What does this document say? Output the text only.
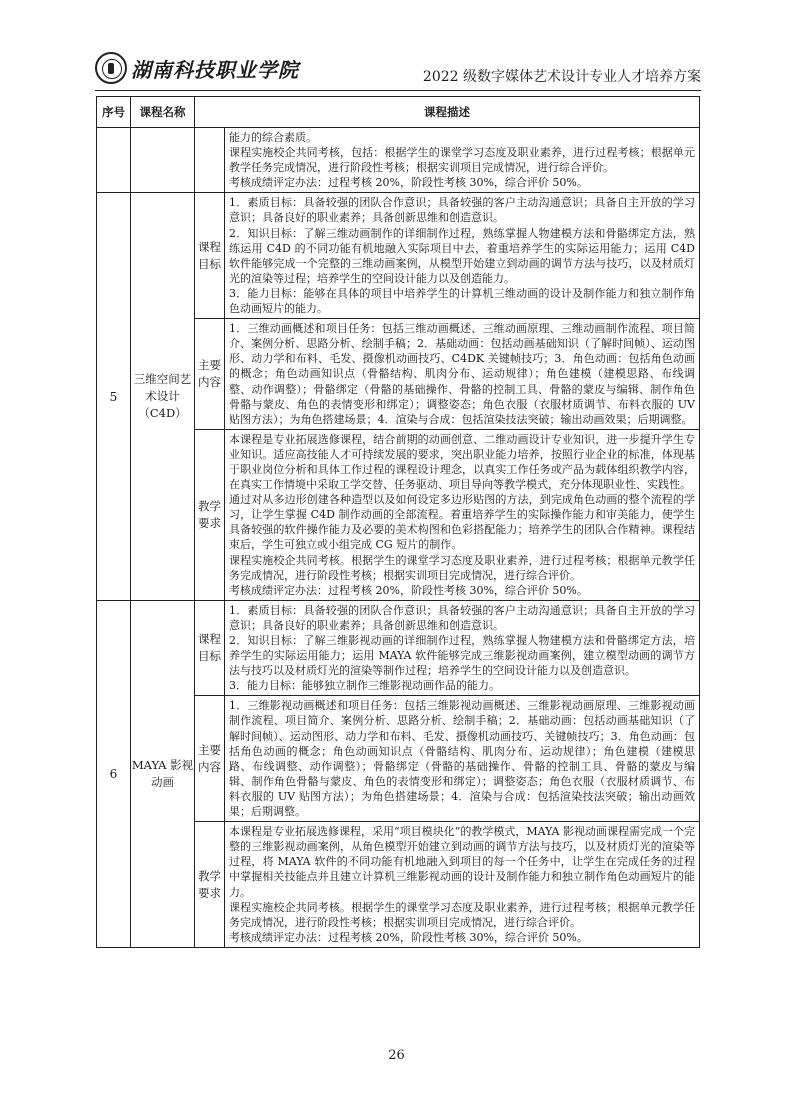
湖南科技职业学院	2022 级数字媒体艺术设计专业人才培养方案
序号	课程名称	课程描述	

			能力的综合素质。

课程实施校企共同考核，包括：根据学生的课堂学习态度及职业素养，进行过程考核；根据单元教学任务完成情况，进行阶段性考核；根据实训项目完成情况，进行综合评价。

考核成绩评定办法：过程考核 20%，阶段性考核 30%，综合评价 50%。

5	三维空间艺术设计（C4D）	课程目标	1．素质目标：具备较强的团队合作意识；具备较强的客户主动沟通意识；具备自主开放的学习意识；具备良好的职业素养；具备创新思维和创造意识。

2．知识目标：了解三维动画制作的详细制作过程，熟练掌握人物建模方法和骨骼绑定方法，熟练运用 C4D 的不同功能有机地融入实际项目中去，着重培养学生的实际运用能力；运用 C4D 软件能够完成一个完整的三维动画案例，从模型开始建立到动画的调节方法与技巧，以及材质灯光的渲染等过程；培养学生的空间设计能力以及创造能力。

3．能力目标：能够在具体的项目中培养学生的计算机三维动画的设计及制作能力和独立制作角色动画短片的能力。

		主要内容	1．三维动画概述和项目任务：包括三维动画概述、三维动画原理、三维动画制作流程、项目简介、案例分析、思路分析、绘制手稿；2．基础动画：包括动画基础知识（了解时间帧）、运动图形、动力学和布料、毛发、摄像机动画技巧、C4DK 关键帧技巧；3．角色动画：包括角色动画的概念；角色动画知识点（骨骼结构、肌肉分布、运动规律）；角色建模（建模思路、布线调整、动作调整）；骨骼绑定（骨骼的基础操作、骨骼的控制工具、骨骼的蒙皮与编辑、制作角色骨骼与蒙皮、角色的表情变形和绑定）；调整姿态；角色衣服（衣服材质调节、布料衣服的 UV 贴图方法）；为角色搭建场景；4．渲染与合成：包括渲染技法突破；输出动画效果；后期调整。

		教学要求	本课程是专业拓展选修课程，结合前期的动画创意、二维动画设计专业知识，进一步提升学生专业知识。适应高技能人才可持续发展的要求，突出职业能力培养，按照行业企业的标准，体现基于职业岗位分析和具体工作过程的课程设计理念，以真实工作任务或产品为载体组织教学内容，在真实工作情境中采取工学交替、任务驱动、项目导向等教学模式，充分体现职业性、实践性。

通过对从多边形创建各种造型以及如何设定多边形贴图的方法，到完成角色动画的整个流程的学习，让学生掌握 C4D 制作动画的全部流程。着重培养学生的实际操作能力和审美能力，使学生具备较强的软件操作能力及必要的美术构图和色彩搭配能力；培养学生的团队合作精神。课程结束后，学生可独立或小组完成 CG 短片的制作。

课程实施校企共同考核。根据学生的课堂学习态度及职业素养，进行过程考核；根据单元教学任务完成情况，进行阶段性考核；根据实训项目完成情况，进行综合评价。

考核成绩评定办法：过程考核 20%，阶段性考核 30%，综合评价 50%。

6	MAYA 影视动画	课程目标	1．素质目标：具备较强的团队合作意识；具备较强的客户主动沟通意识；具备自主开放的学习意识；具备良好的职业素养；具备创新思维和创造意识。

2．知识目标：了解三维影视动画的详细制作过程，熟练掌握人物建模方法和骨骼绑定方法，培养学生的实际运用能力；运用 MAYA 软件能够完成三维影视动画案例，建立模型动画的调节方法与技巧以及材质灯光的渲染等制作过程；培养学生的空间设计能力以及创造意识。

3．能力目标：能够独立制作三维影视动画作品的能力。

		主要内容	1．三维影视动画概述和项目任务：包括三维影视动画概述、三维影视动画原理、三维影视动画制作流程、项目简介、案例分析、思路分析、绘制手稿；2．基础动画：包括动画基础知识（了解时间帧）、运动图形、动力学和布料、毛发、摄像机动画技巧、关键帧技巧；3．角色动画：包括角色动画的概念；角色动画知识点（骨骼结构、肌肉分布、运动规律）；角色建模（建模思路、布线调整、动作调整）；骨骼绑定（骨骼的基础操作、骨骼的控制工具、骨骼的蒙皮与编辑、制作角色骨骼与蒙皮、角色的表情变形和绑定）；调整姿态；角色衣服（衣服材质调节、布料衣服的 UV 贴图方法）；为角色搭建场景；4．渲染与合成：包括渲染技法突破；输出动画效果；后期调整。

		教学要求	本课程是专业拓展选修课程，采用“项目模块化”的教学模式，MAYA 影视动画课程需完成一个完整的三维影视动画案例，从角色模型开始建立到动画的调节方法与技巧，以及材质灯光的渲染等过程，将 MAYA 软件的不同功能有机地融入到项目的每一个任务中，让学生在完成任务的过程中掌握相关技能点并且建立计算机三维影视动画的设计及制作能力和独立制作角色动画短片的能力。

课程实施校企共同考核。根据学生的课堂学习态度及职业素养，进行过程考核；根据单元教学任务完成情况，进行阶段性考核；根据实训项目完成情况，进行综合评价。

考核成绩评定办法：过程考核 20%，阶段性考核 30%，综合评价 50%。

26
